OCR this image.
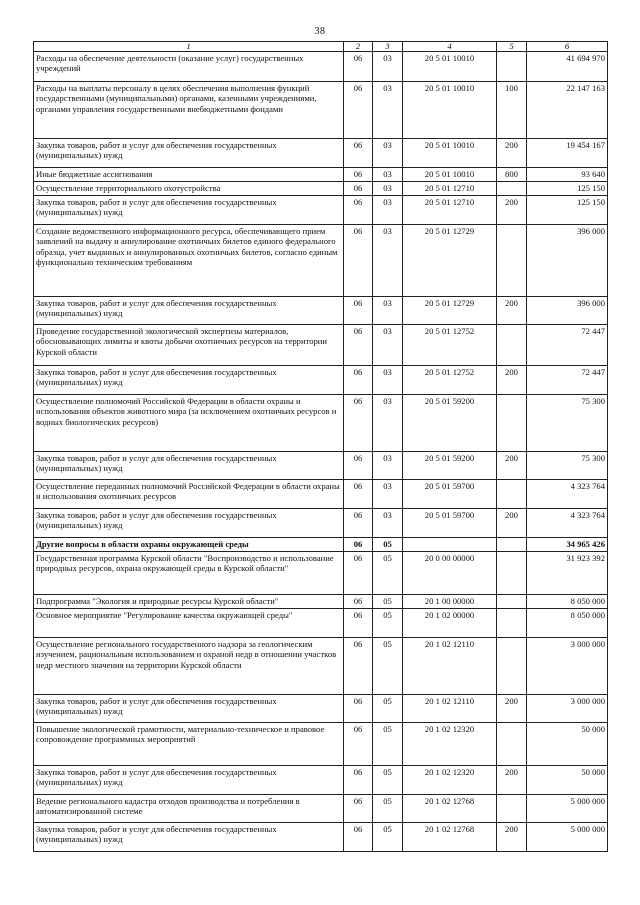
38
1	2	3	4	5	6
Расходы на обеспечение деятельности (оказание услуг) государственных учреждений	06	03	20 5 01 10010		41 694 970
Расходы на выплаты персоналу в целях обеспечения выполнения функций государственными (муниципальными) органами, казенными учреждениями, органами управления государственными внебюджетными фондами	06	03	20 5 01 10010	100	22 147 163
Закупка товаров, работ и услуг для обеспечения государственных (муниципальных) нужд	06	03	20 5 01 10010	200	19 454 167
Иные бюджетные ассигнования	06	03	20 5 01 10010	800	93 640
Осуществление территориального охотустройства	06	03	20 5 01 12710		125 150
Закупка товаров, работ и услуг для обеспечения государственных (муниципальных) нужд	06	03	20 5 01 12710	200	125 150
Создание ведомственного информационного ресурса, обеспечивающего прием заявлений на выдачу и аннулирование охотничьих билетов единого федерального образца, учет выданных и аннулированных охотничьих билетов, согласно единым функционально техническим требованиям	06	03	20 5 01 12729		396 000
Закупка товаров, работ и услуг для обеспечения государственных (муниципальных) нужд	06	03	20 5 01 12729	200	396 000
Проведение государственной экологической экспертизы материалов, обосновывающих лимиты и квоты добычи охотничьих ресурсов на территории Курской области	06	03	20 5 01 12752		72 447
Закупка товаров, работ и услуг для обеспечения государственных (муниципальных) нужд	06	03	20 5 01 12752	200	72 447
Осуществление полномочий Российской Федерации в области охраны и использования объектов животного мира (за исключением охотничьих ресурсов и водных биологических ресурсов)	06	03	20 5 01 59200		75 300
Закупка товаров, работ и услуг для обеспечения государственных (муниципальных) нужд	06	03	20 5 01 59200	200	75 300
Осуществление переданных полномочий Российской Федерации в области охраны и использования охотничьих ресурсов	06	03	20 5 01 59700		4 323 764
Закупка товаров, работ и услуг для обеспечения государственных (муниципальных) нужд	06	03	20 5 01 59700	200	4 323 764
Другие вопросы в области охраны окружающей среды	06	05			34 965 426
Государственная программа Курской области "Воспроизводство и использование природных ресурсов, охрана окружающей среды в Курской области"	06	05	20 0 00 00000		31 923 392
Подпрограмма "Экология и природные ресурсы Курской области"	06	05	20 1 00 00000		8 050 000
Основное мероприятие "Регулирование качества окружающей среды"	06	05	20 1 02 00000		8 050 000
Осуществление регионального государственного надзора за геологическим изучением, рациональным использованием и охраной недр в отношении участков недр местного значения на территории Курской области	06	05	20 1 02 12110		3 000 000
Закупка товаров, работ и услуг для обеспечения государственных (муниципальных) нужд	06	05	20 1 02 12110	200	3 000 000
Повышение экологической грамотности, материально-техническое и правовое сопровождение программных мероприятий	06	05	20 1 02 12320		50 000
Закупка товаров, работ и услуг для обеспечения государственных (муниципальных) нужд	06	05	20 1 02 12320	200	50 000
Ведение регионального кадастра отходов производства и потребления в автоматизированной системе	06	05	20 1 02 12768		5 000 000
Закупка товаров, работ и услуг для обеспечения государственных (муниципальных) нужд	06	05	20 1 02 12768	200	5 000 000
